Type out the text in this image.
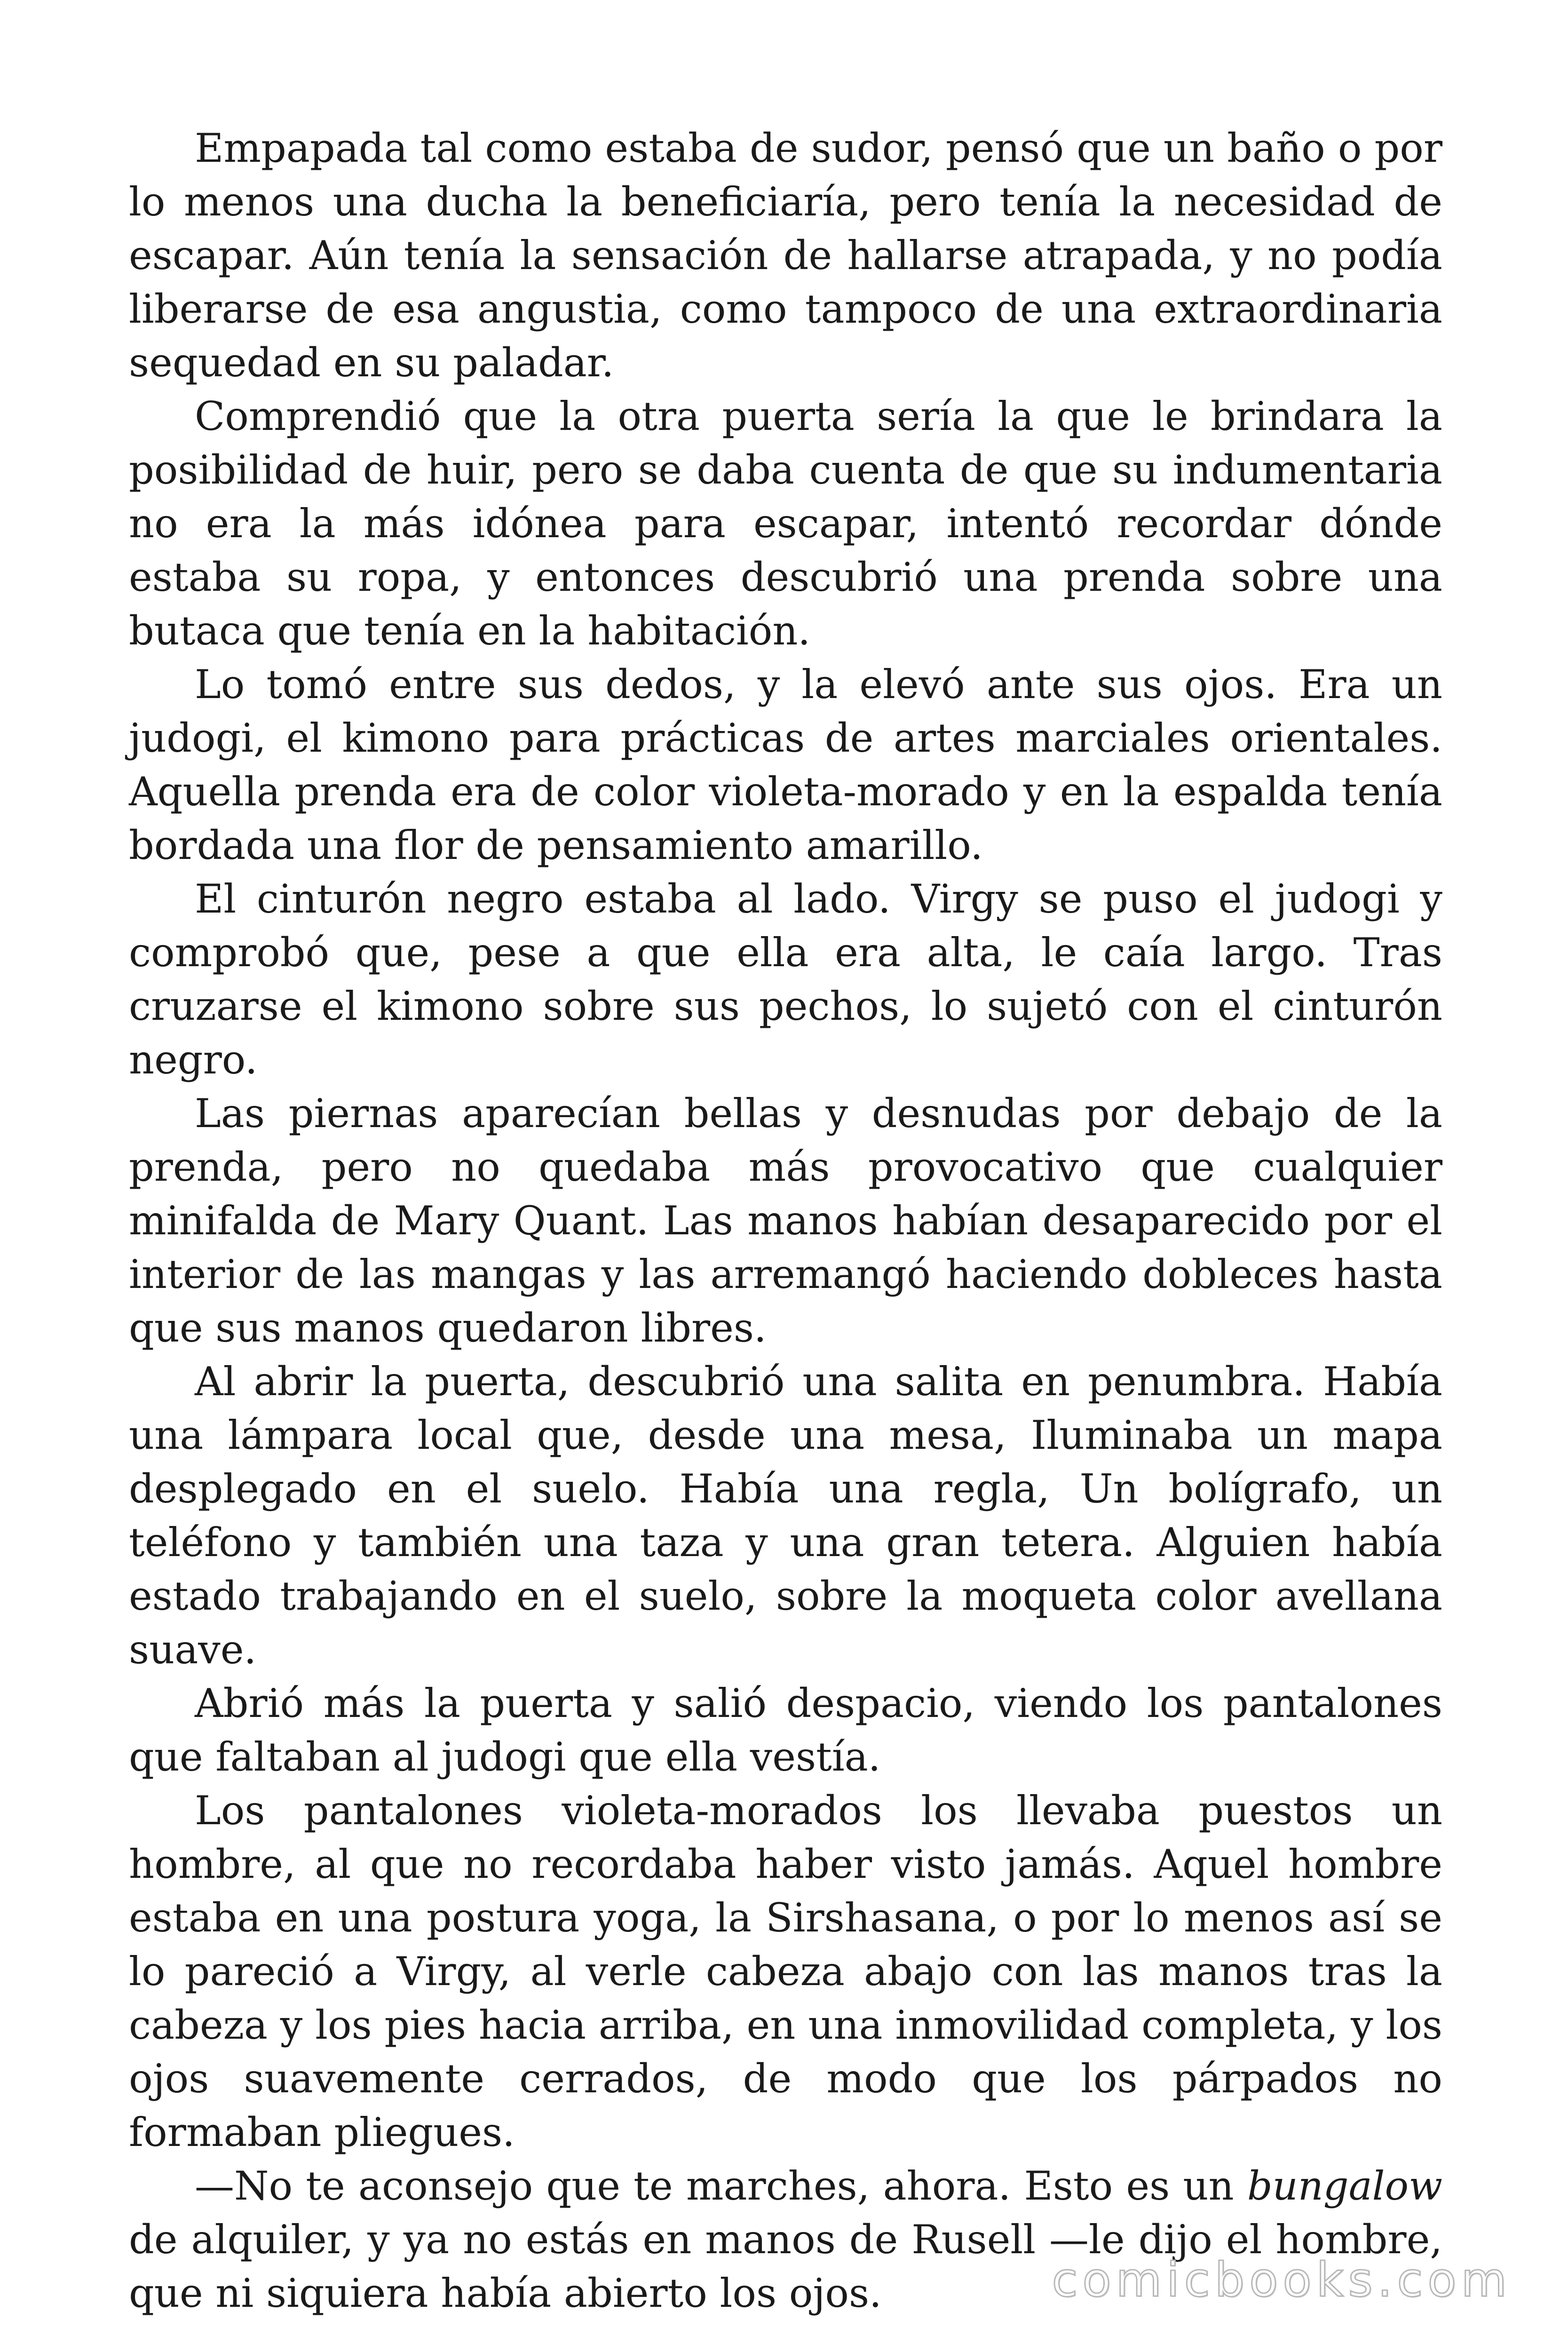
Empapada tal como estaba de sudor, pensó que un baño o por lo menos una ducha la beneficiaría, pero tenía la necesidad de escapar. Aún tenía la sensación de hallarse atrapada, y no podía liberarse de esa angustia, como tampoco de una extraordinaria sequedad en su paladar.

Comprendió que la otra puerta sería la que le brindara la posibilidad de huir, pero se daba cuenta de que su indumentaria no era la más idónea para escapar, intentó recordar dónde estaba su ropa, y entonces descubrió una prenda sobre una butaca que tenía en la habitación.

Lo tomó entre sus dedos, y la elevó ante sus ojos. Era un judogi, el kimono para prácticas de artes marciales orientales. Aquella prenda era de color violeta-morado y en la espalda tenía bordada una flor de pensamiento amarillo.

El cinturón negro estaba al lado. Virgy se puso el judogi y comprobó que, pese a que ella era alta, le caía largo. Tras cruzarse el kimono sobre sus pechos, lo sujetó con el cinturón negro.

Las piernas aparecían bellas y desnudas por debajo de la prenda, pero no quedaba más provocativo que cualquier minifalda de Mary Quant. Las manos habían desaparecido por el interior de las mangas y las arremangó haciendo dobleces hasta que sus manos quedaron libres.

Al abrir la puerta, descubrió una salita en penumbra. Había una lámpara local que, desde una mesa, Iluminaba un mapa desplegado en el suelo. Había una regla, Un bolígrafo, un teléfono y también una taza y una gran tetera. Alguien había estado trabajando en el suelo, sobre la moqueta color avellana suave.

Abrió más la puerta y salió despacio, viendo los pantalones que faltaban al judogi que ella vestía.

Los pantalones violeta-morados los llevaba puestos un hombre, al que no recordaba haber visto jamás. Aquel hombre estaba en una postura yoga, la Sirshasana, o por lo menos así se lo pareció a Virgy, al verle cabeza abajo con las manos tras la cabeza y los pies hacia arriba, en una inmovilidad completa, y los ojos suavemente cerrados, de modo que los párpados no formaban pliegues.

—No te aconsejo que te marches, ahora. Esto es un bungalow de alquiler, y ya no estás en manos de Rusell —le dijo el hombre, que ni siquiera había abierto los ojos.	comicbooks.com
